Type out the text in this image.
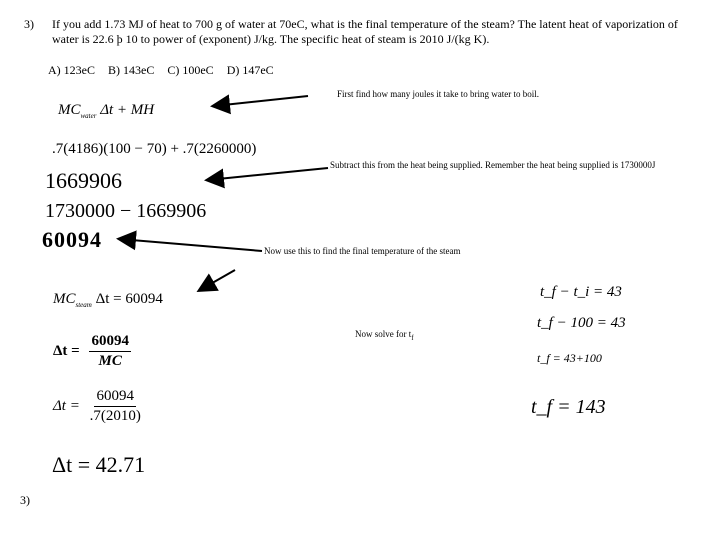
3) If you add 1.73 MJ of heat to 700 g of water at 70eC, what is the final temperature of the steam? The latent heat of vaporization of water is 22.6 þ 10 to power of (exponent) J/kg. The specific heat of steam is 2010 J/(kg K).
A) 123eC B) 143eC C) 100eC D) 147eC
First find how many joules it take to bring water to boil.
Subtract this from the heat being supplied. Remember the heat being supplied is 1730000J
Now use this to find the final temperature of the steam
Now solve for $t_f$
$MC_{water}$ Δt + MH
.7(4186)(100 − 70) + .7(2260000)
1669906
1730000 − 1669906
60094
$MC_{steam}$ Δt = 60094
$\Delta t = \frac{60094}{MC}$
$\Delta t = \frac{60094}{.7(2010)}$
Δt = 42.71
t_f − t_i = 43
t_f − 100 = 43
t_f = 43+100
t_f = 143
3)
